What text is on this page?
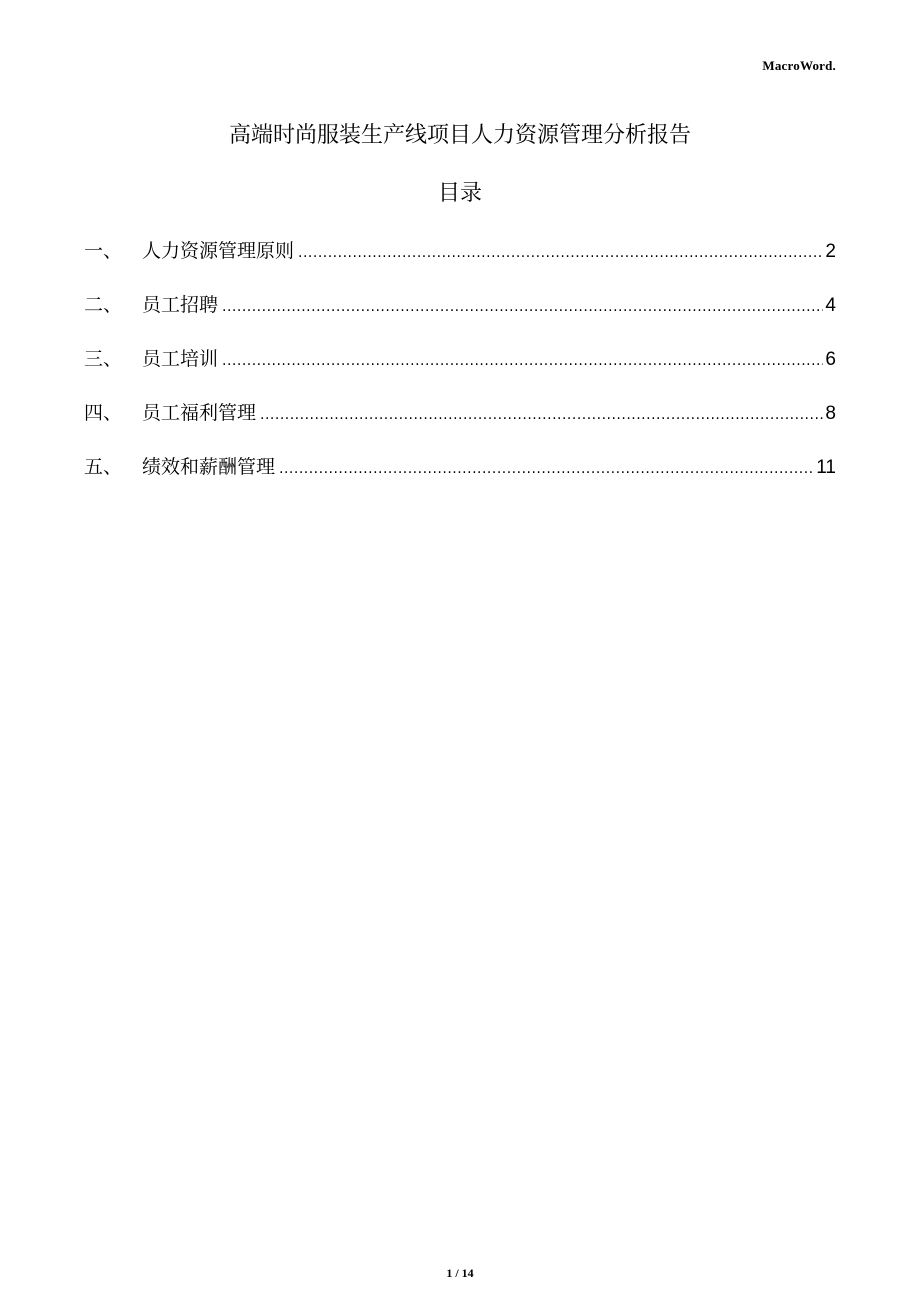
MacroWord.
高端时尚服装生产线项目人力资源管理分析报告
目录
一、	人力资源管理原则 .....	2
二、	员工招聘 .....	4
三、	员工培训 .....	6
四、	员工福利管理 .....	8
五、	绩效和薪酬管理 .....	11
1 / 14
